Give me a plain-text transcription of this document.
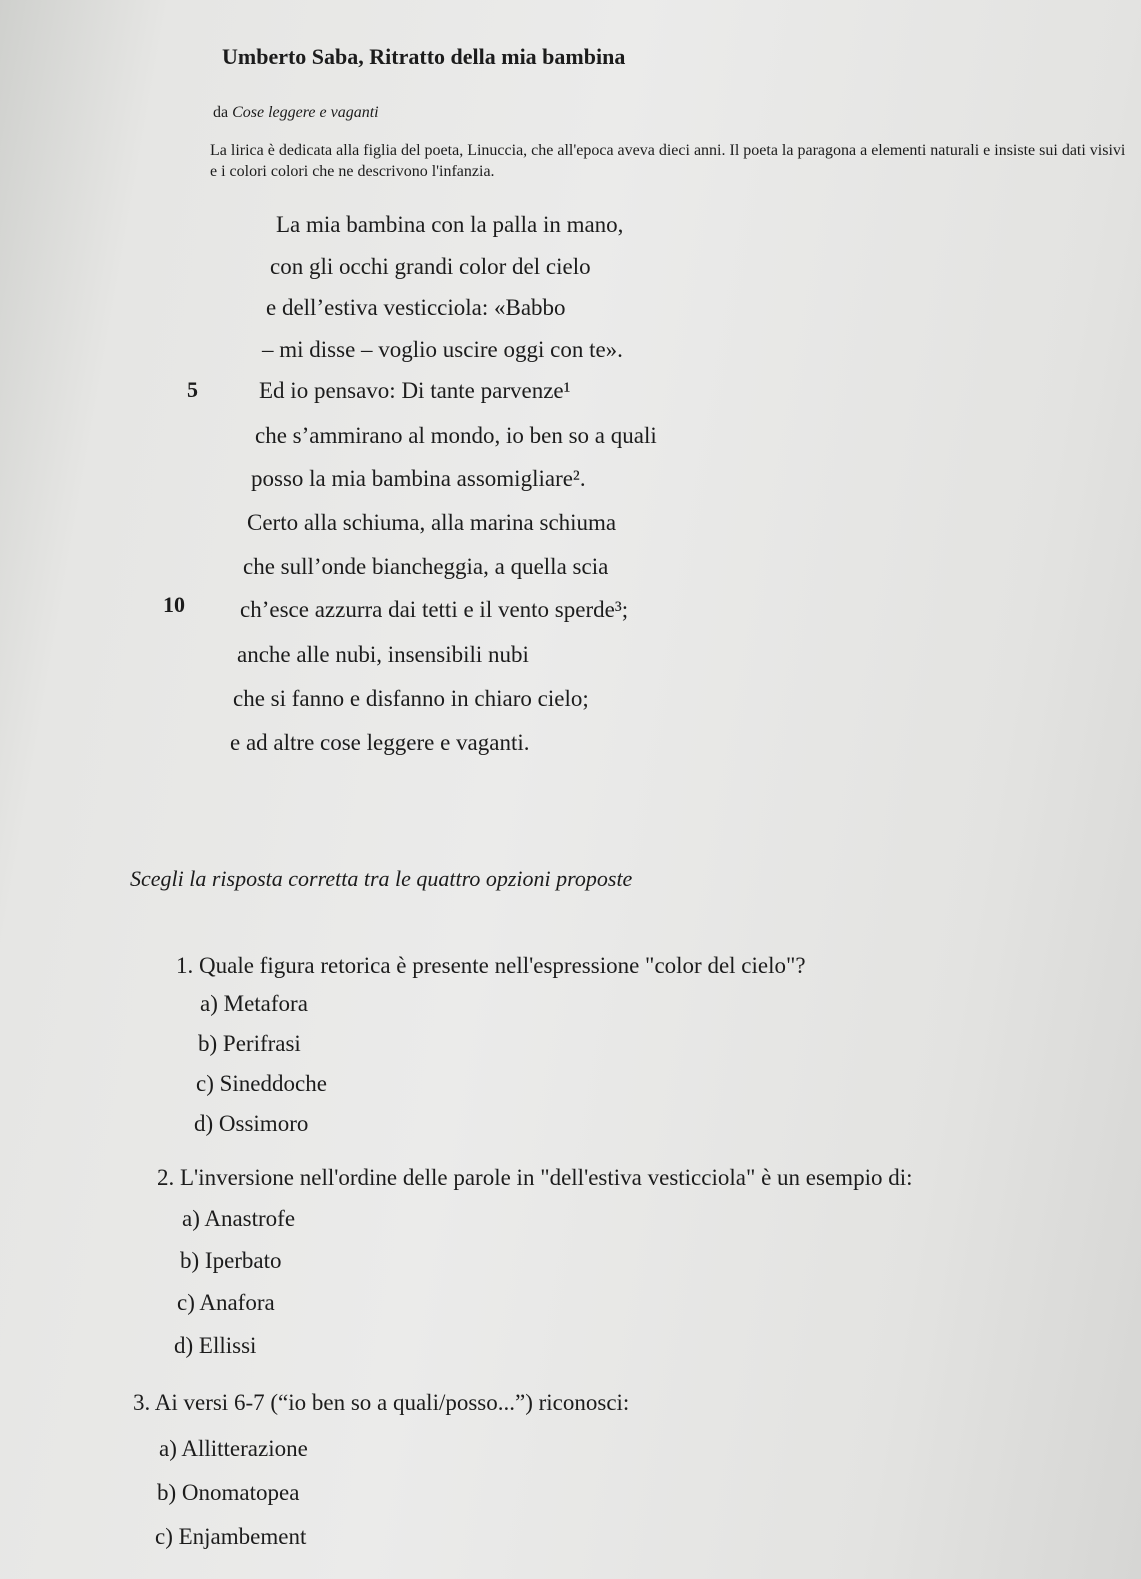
Umberto Saba, Ritratto della mia bambina
da Cose leggere e vaganti
La lirica è dedicata alla figlia del poeta, Linuccia, che all'epoca aveva dieci anni. Il poeta la paragona a elementi naturali e insiste sui dati visivi e i colori colori che ne descrivono l'infanzia.
La mia bambina con la palla in mano,
con gli occhi grandi color del cielo
e dell’estiva vesticciola: «Babbo
– mi disse – voglio uscire oggi con te».
5	Ed io pensavo: Di tante parvenze¹
che s’ammirano al mondo, io ben so a quali
posso la mia bambina assomigliare².
Certo alla schiuma, alla marina schiuma
che sull’onde biancheggia, a quella scia
10 ch’esce azzurra dai tetti e il vento sperde³;
anche alle nubi, insensibili nubi
che si fanno e disfanno in chiaro cielo;
e ad altre cose leggere e vaganti.
Scegli la risposta corretta tra le quattro opzioni proposte
1. Quale figura retorica è presente nell'espressione "color del cielo"?
a) Metafora
b) Perifrasi
c) Sineddoche
d) Ossimoro
2. L'inversione nell'ordine delle parole in "dell'estiva vesticciola" è un esempio di:
a) Anastrofe
b) Iperbato
c) Anafora
d) Ellissi
3. Ai versi 6-7 (“io ben so a quali/posso...”) riconosci:
a) Allitterazione
b) Onomatopea
c) Enjambement
